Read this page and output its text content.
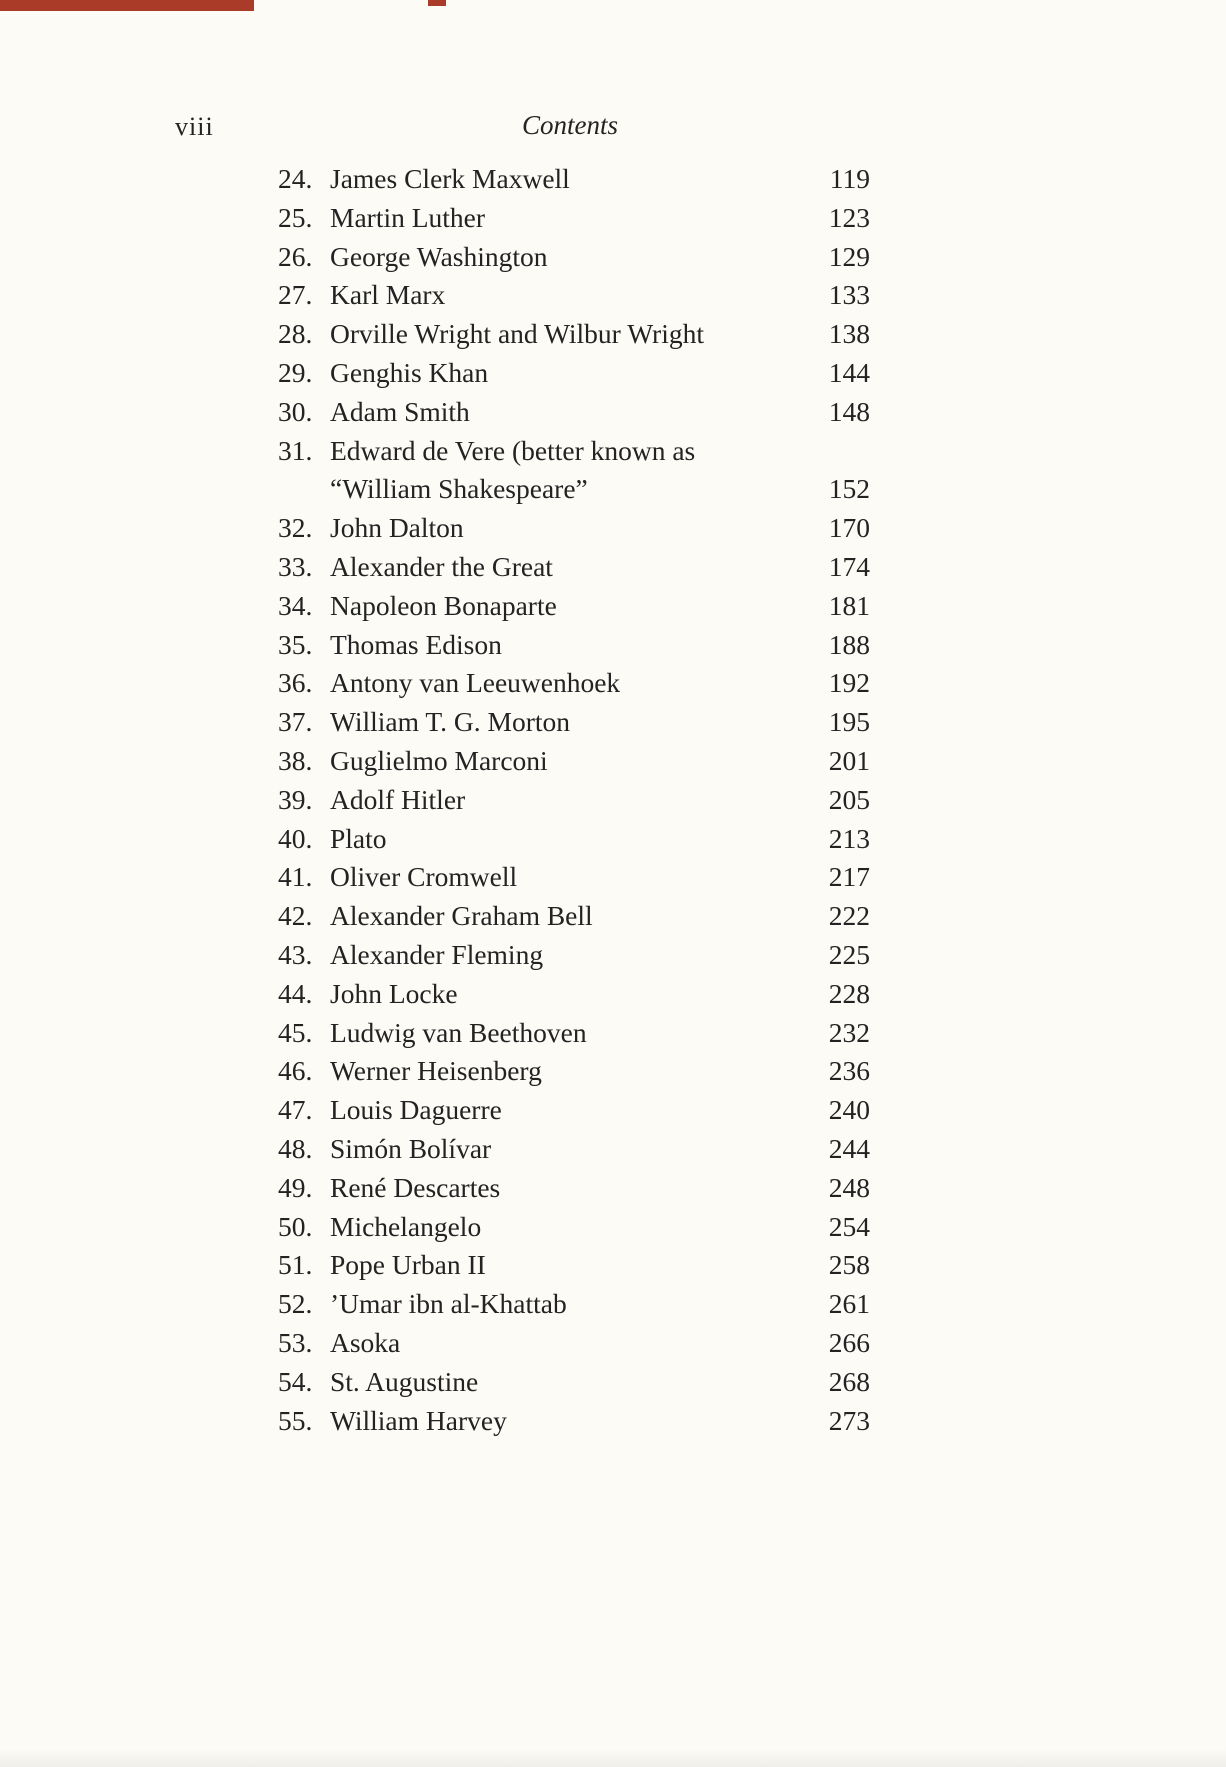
viii	Contents
24. James Clerk Maxwell	119
25. Martin Luther	123
26. George Washington	129
27. Karl Marx	133
28. Orville Wright and Wilbur Wright	138
29. Genghis Khan	144
30. Adam Smith	148
31. Edward de Vere (better known as
“William Shakespeare”	152
32. John Dalton	170
33. Alexander the Great	174
34. Napoleon Bonaparte	181
35. Thomas Edison	188
36. Antony van Leeuwenhoek	192
37. William T. G. Morton	195
38. Guglielmo Marconi	201
39. Adolf Hitler	205
40. Plato	213
41. Oliver Cromwell	217
42. Alexander Graham Bell	222
43. Alexander Fleming	225
44. John Locke	228
45. Ludwig van Beethoven	232
46. Werner Heisenberg	236
47. Louis Daguerre	240
48. Simón Bolívar	244
49. René Descartes	248
50. Michelangelo	254
51. Pope Urban II	258
52. ’Umar ibn al-Khattab	261
53. Asoka	266
54. St. Augustine	268
55. William Harvey	273
